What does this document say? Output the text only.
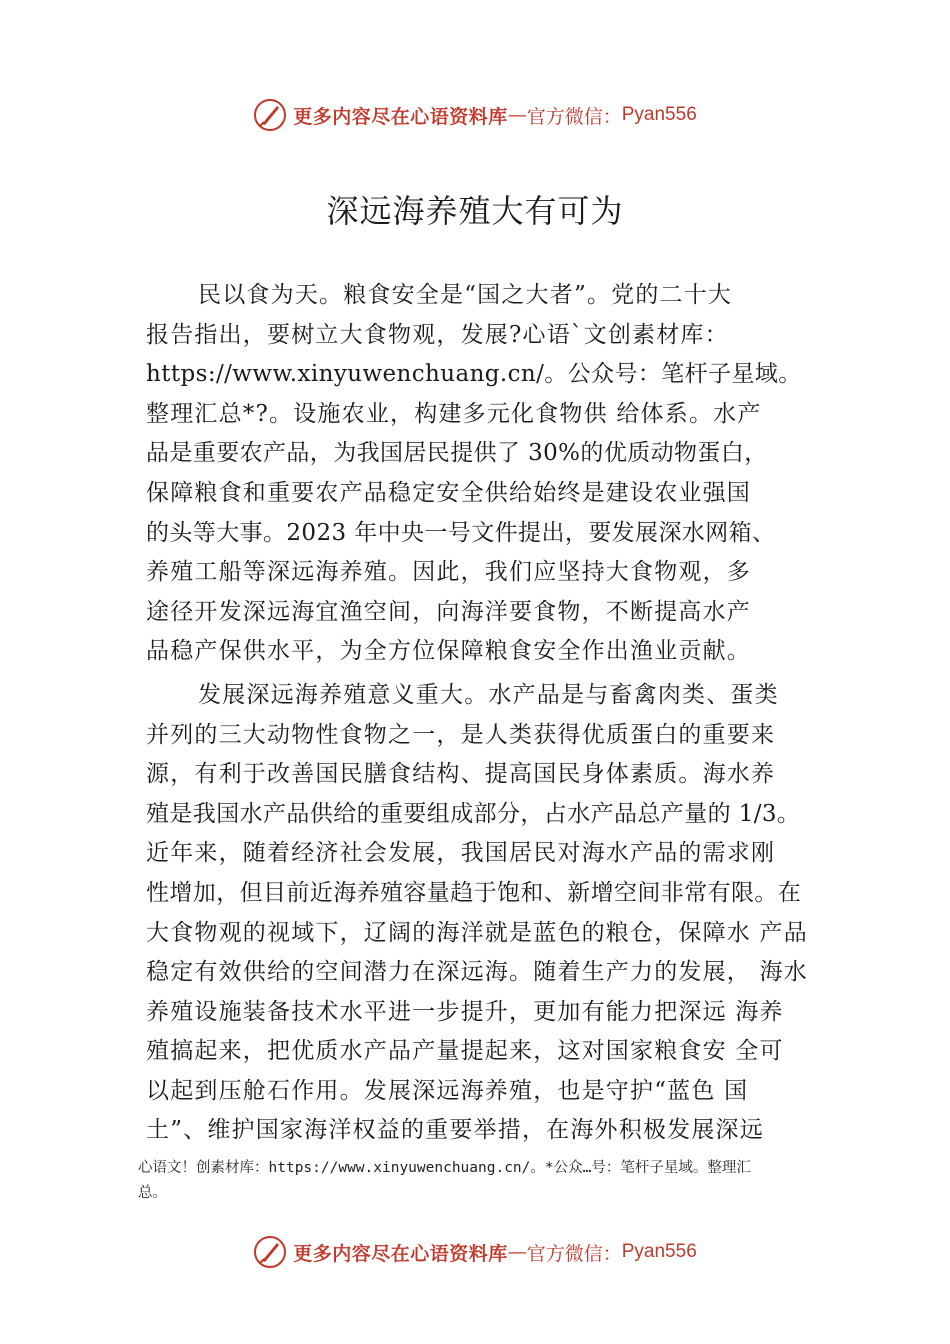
更多内容尽在心语资料库 — 官方微信： Pyan556
深远海养殖大有可为
民以食为天。粮食安全是“国之大者”。党的二十大
报告指出，要树立大食物观，发展?心语`文创素材库：
https://www.xinyuwenchuang.cn/。公众号：笔杆子星域。
整理汇总*?。设施农业，构建多元化食物供 给体系。水产
品是重要农产品，为我国居民提供了 30%的优质动物蛋白，
保障粮食和重要农产品稳定安全供给始终是建设农业强国
的头等大事。2023 年中央一号文件提出，要发展深水网箱、
养殖工船等深远海养殖。因此，我们应坚持大食物观，多
途径开发深远海宜渔空间，向海洋要食物，不断提高水产
品稳产保供水平，为全方位保障粮食安全作出渔业贡献。
发展深远海养殖意义重大。水产品是与畜禽肉类、蛋类
并列的三大动物性食物之一，是人类获得优质蛋白的重要来
源，有利于改善国民膳食结构、提高国民身体素质。海水养
殖是我国水产品供给的重要组成部分，占水产品总产量的 1/3。
近年来，随着经济社会发展，我国居民对海水产品的需求刚
性增加，但目前近海养殖容量趋于饱和、新增空间非常有限。在
大食物观的视域下，辽阔的海洋就是蓝色的粮仓，保障水 产品
稳定有效供给的空间潜力在深远海。随着生产力的发展， 海水
养殖设施装备技术水平进一步提升，更加有能力把深远 海养
殖搞起来，把优质水产品产量提起来，这对国家粮食安 全可
以起到压舱石作用。发展深远海养殖，也是守护“蓝色 国
土”、维护国家海洋权益的重要举措，在海外积极发展深远
心语文！创素材库：https://www.xinyuwenchuang.cn/。*公众…号：笔杆子星域。整理汇
总。
更多内容尽在心语资料库 — 官方微信： Pyan556
